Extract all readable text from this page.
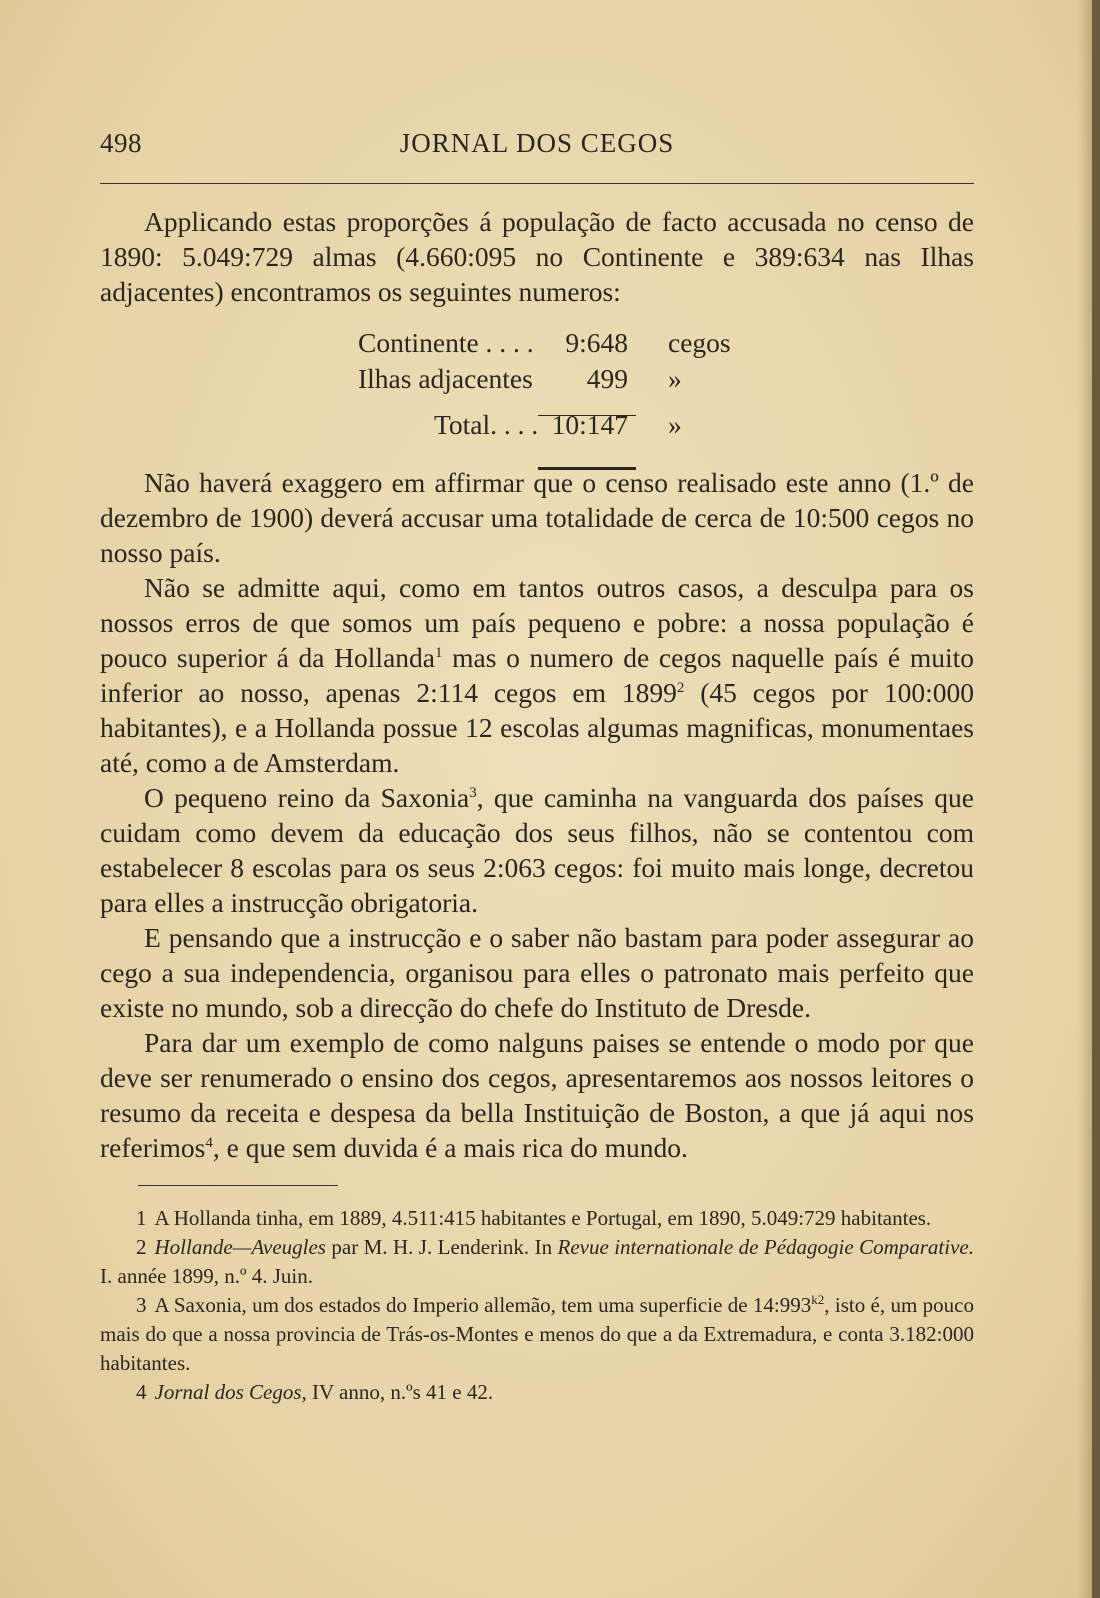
498	JORNAL DOS CEGOS

Applicando estas proporções á população de facto accusada no censo de 1890: 5.049:729 almas (4.660:095 no Continente e 389:634 nas Ilhas adjacentes) encontramos os seguintes numeros:

Continente . . . .	9:648 cegos
Ilhas adjacentes	499 »
Total. . . . 10:147 »

Não haverá exaggero em affirmar que o censo realisado este anno (1.º de dezembro de 1900) deverá accusar uma totalidade de cerca de 10:500 cegos no nosso país.

Não se admitte aqui, como em tantos outros casos, a desculpa para os nossos erros de que somos um país pequeno e pobre: a nossa população é pouco superior á da Hollanda$^1$ mas o numero de cegos naquelle país é muito inferior ao nosso, apenas 2:114 cegos em 1899$^2$ (45 cegos por 100:000 habitantes), e a Hollanda possue 12 escolas algumas magnificas, monumentaes até, como a de Amsterdam.

O pequeno reino da Saxonia$^3$, que caminha na vanguarda dos países que cuidam como devem da educação dos seus filhos, não se contentou com estabelecer 8 escolas para os seus 2:063 cegos: foi muito mais longe, decretou para elles a instrucção obrigatoria.

E pensando que a instrucção e o saber não bastam para poder assegurar ao cego a sua independencia, organisou para elles o patronato mais perfeito que existe no mundo, sob a direcção do chefe do Instituto de Dresde.

Para dar um exemplo de como nalguns paises se entende o modo por que deve ser renumerado o ensino dos cegos, apresentaremos aos nossos leitores o resumo da receita e despesa da bella Instituição de Boston, a que já aqui nos referimos$^4$, e que sem duvida é a mais rica do mundo.

1 A Hollanda tinha, em 1889, 4.511:415 habitantes e Portugal, em 1890, 5.049:729 habitantes.

2 Hollande—Aveugles par M. H. J. Lenderink. In Revue internationale de Pédagogie Comparative. I. année 1899, n.º 4. Juin.

3 A Saxonia, um dos estados do Imperio allemão, tem uma superficie de $14:993^{k2}$, isto é, um pouco mais do que a nossa provincia de Trás-os-Montes e menos do que a da Extremadura, e conta 3.182:000 habitantes.

4 Jornal dos Cegos, IV anno, n.ºs 41 e 42.
